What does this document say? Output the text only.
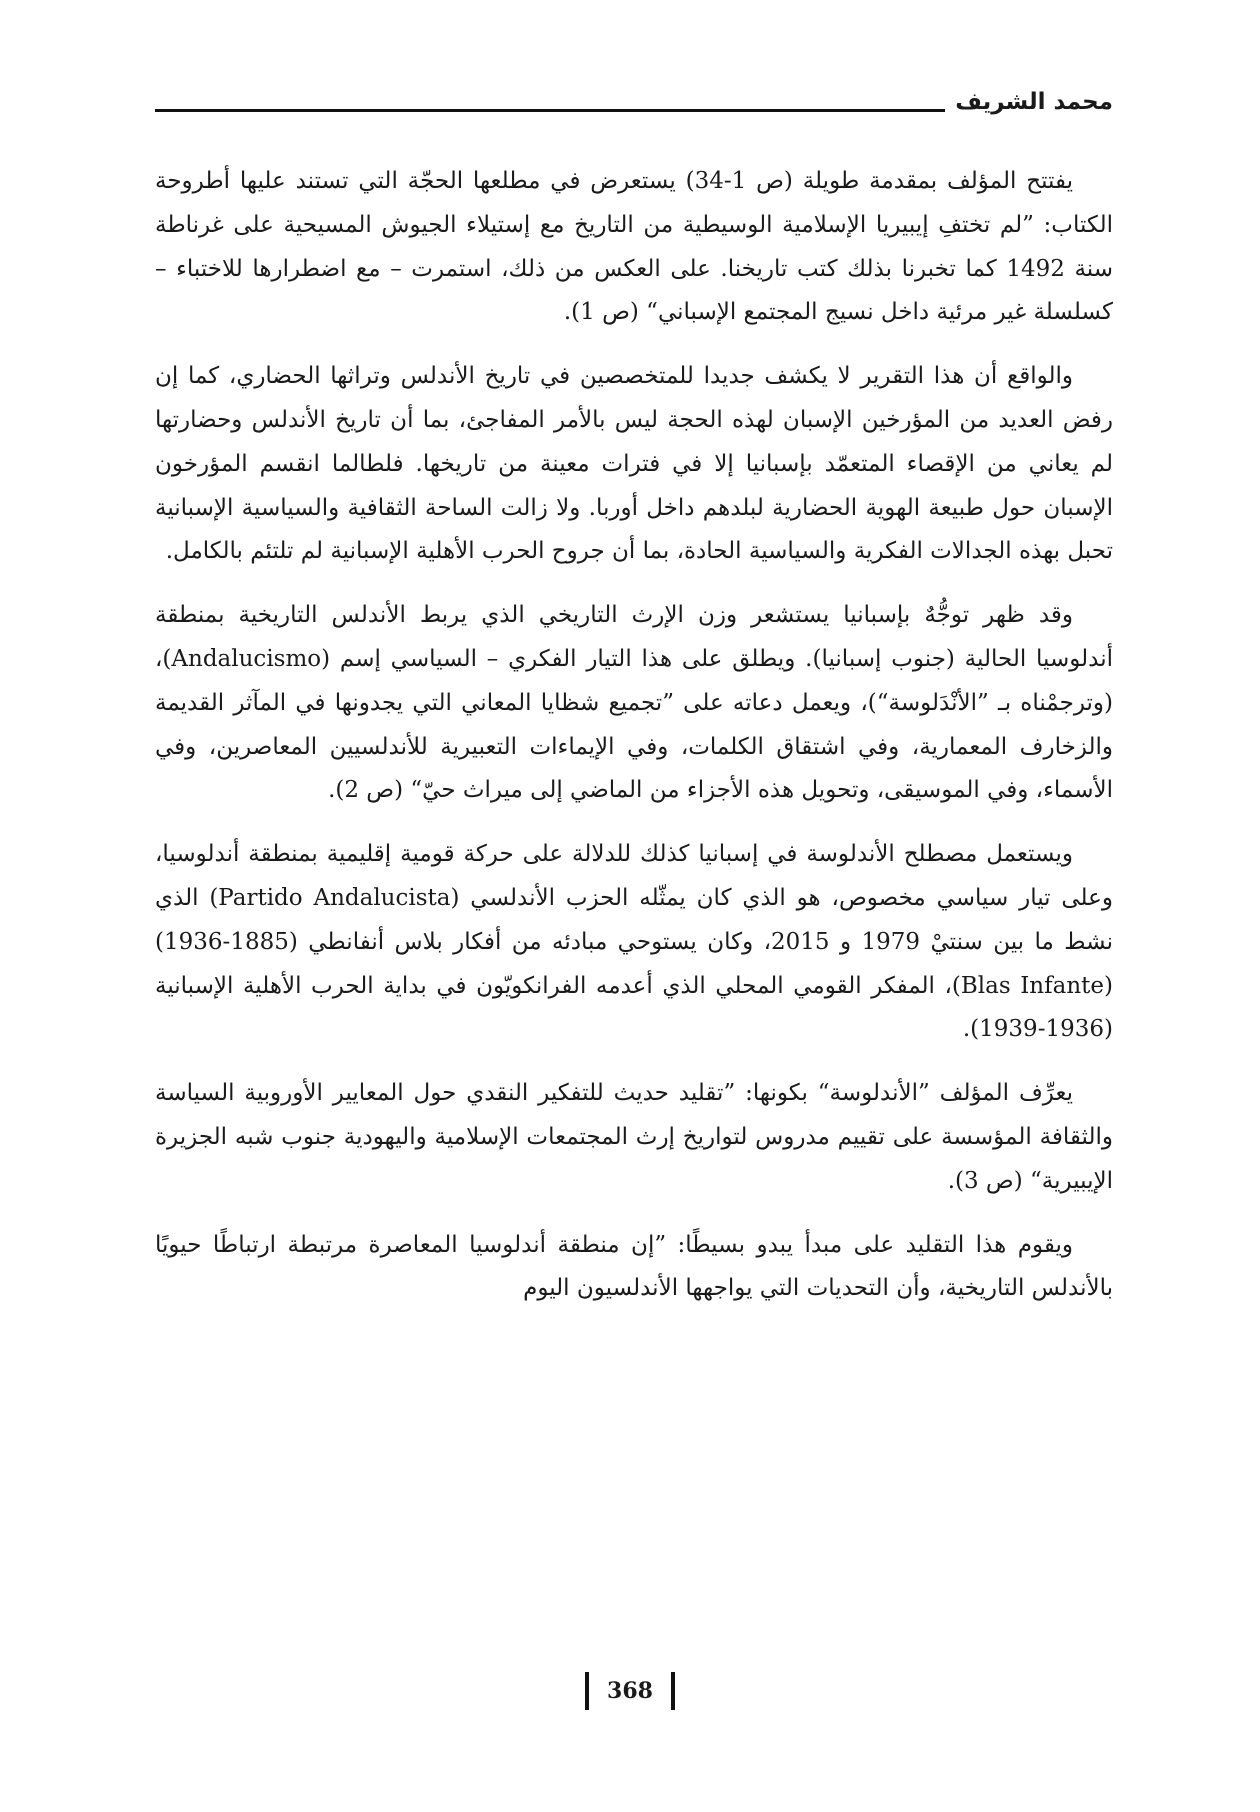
محمد الشريف

يفتتح المؤلف بمقدمة طويلة (ص 1-34) يستعرض في مطلعها الحجّة التي تستند عليها أطروحة الكتاب: ”لم تختفِ إيبيريا الإسلامية الوسيطية من التاريخ مع إستيلاء الجيوش المسيحية على غرناطة سنة 1492 كما تخبرنا بذلك كتب تاريخنا. على العكس من ذلك، استمرت – مع اضطرارها للاختباء – كسلسلة غير مرئية داخل نسيج المجتمع الإسباني“ (ص 1).

والواقع أن هذا التقرير لا يكشف جديدا للمتخصصين في تاريخ الأندلس وتراثها الحضاري، كما إن رفض العديد من المؤرخين الإسبان لهذه الحجة ليس بالأمر المفاجئ، بما أن تاريخ الأندلس وحضارتها لم يعاني من الإقصاء المتعمّد بإسبانيا إلا في فترات معينة من تاريخها. فلطالما انقسم المؤرخون الإسبان حول طبيعة الهوية الحضارية لبلدهم داخل أوربا. ولا زالت الساحة الثقافية والسياسية الإسبانية تحبل بهذه الجدالات الفكرية والسياسية الحادة، بما أن جروح الحرب الأهلية الإسبانية لم تلتئم بالكامل.

وقد ظهر توجُّهٌ بإسبانيا يستشعر وزن الإرث التاريخي الذي يربط الأندلس التاريخية بمنطقة أندلوسيا الحالية (جنوب إسبانيا). ويطلق على هذا التيار الفكري – السياسي إسم (Andalucismo)، (وترجمْناه بـ ”الأنْدَلوسة“)، ويعمل دعاته على ”تجميع شظايا المعاني التي يجدونها في المآثر القديمة والزخارف المعمارية، وفي اشتقاق الكلمات، وفي الإيماءات التعبيرية للأندلسيين المعاصرين، وفي الأسماء، وفي الموسيقى، وتحويل هذه الأجزاء من الماضي إلى ميراث حيّ“ (ص 2).

ويستعمل مصطلح الأندلوسة في إسبانيا كذلك للدلالة على حركة قومية إقليمية بمنطقة أندلوسيا، وعلى تيار سياسي مخصوص، هو الذي كان يمثّله الحزب الأندلسي (Partido Andalucista) الذي نشط ما بين سنتيْ 1979 و 2015، وكان يستوحي مبادئه من أفكار بلاس أنفانطي (1885-1936) (Blas Infante)، المفكر القومي المحلي الذي أعدمه الفرانكويّون في بداية الحرب الأهلية الإسبانية (1936-1939).

يعرِّف المؤلف ”الأندلوسة“ بكونها: ”تقليد حديث للتفكير النقدي حول المعايير الأوروبية السياسة والثقافة المؤسسة على تقييم مدروس لتواريخ إرث المجتمعات الإسلامية واليهودية جنوب شبه الجزيرة الإيبيرية“ (ص 3).

ويقوم هذا التقليد على مبدأ يبدو بسيطًا: ”إن منطقة أندلوسيا المعاصرة مرتبطة ارتباطًا حيويًا بالأندلس التاريخية، وأن التحديات التي يواجهها الأندلسيون اليوم

368
